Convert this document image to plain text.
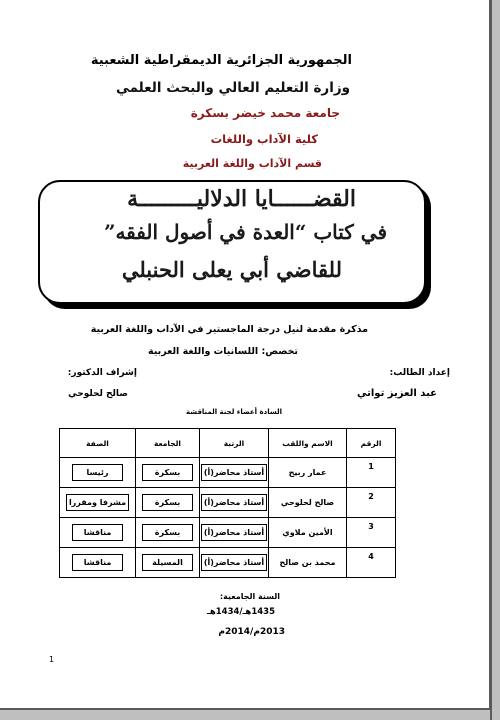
الجمهورية الجزائرية الديمقراطية الشعبية
وزارة التعليم العالي والبحث العلمي
جامعة محمد خيضر بسكرة
كلية الآداب واللغات
قسم الآداب واللغة العربية
القضــــــايا الدلاليـــــــــة
في كتاب “العدة في أصول الفقه”
للقاضي أبي يعلى الحنبلي
مذكرة مقدمة لنيل درجة الماجستير في الآداب واللغة العربية
تخصص: اللسانيات واللغة العربية
إعداد الطالب:
إشراف الدكتور:
عبد العزيز تواتي
صالح لحلوحي
السادة أعضاء لجنة المناقشة
الرقم	الاسم واللقب	الرتبة	الجامعة	الصفة
1	عمار ربيح	أستاذ محاضر(أ)	بسكرة	رئيسا
2	صالح لحلوحي	أستاذ محاضر(أ)	بسكرة	مشرفا ومقررا
3	الأمين ملاوي	أستاذ محاضر(أ)	بسكرة	مناقشا
4	محمد بن صالح	أستاذ محاضر(أ)	المسيلة	مناقشا
السنة الجامعية:
1435هـ/1434هـ
2013م/2014م
1
